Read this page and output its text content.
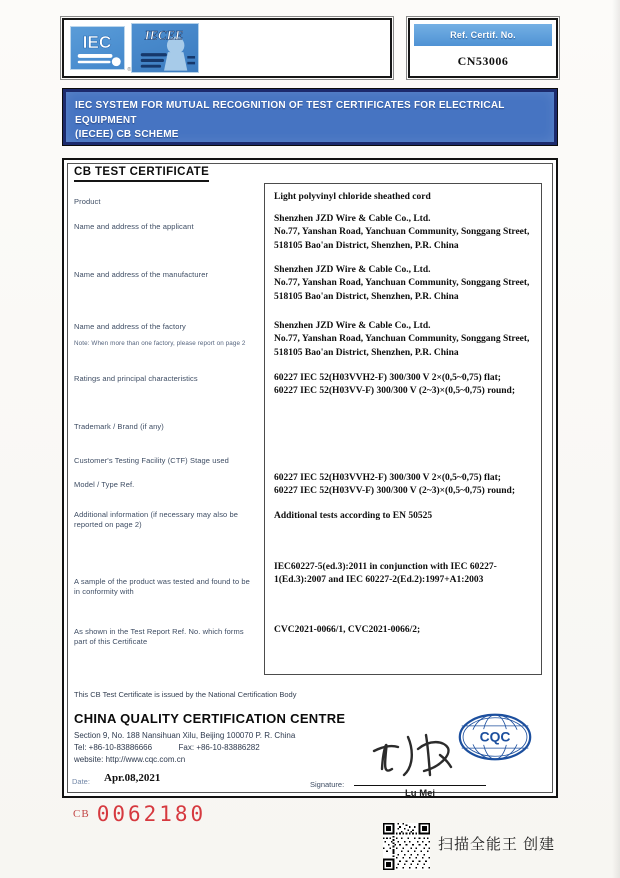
IEC
®
IECEE	Ref. Certif. No.
CN53006

IEC SYSTEM FOR MUTUAL RECOGNITION OF TEST CERTIFICATES FOR ELECTRICAL EQUIPMENT

(IECEE) CB SCHEME

CB TEST CERTIFICATE
Product
Name and address of the applicant
Name and address of the manufacturer
Name and address of the factory
Note: When more than one factory, please report on page 2
Ratings and principal characteristics
Trademark / Brand (if any)
Customer's Testing Facility (CTF) Stage used
Model / Type Ref.
Additional information (if necessary may also be reported on page 2)
A sample of the product was tested and found to be in conformity with
As shown in the Test Report Ref. No. which forms part of this Certificate
Light polyvinyl chloride sheathed cord
Shenzhen JZD Wire & Cable Co., Ltd.
No.77, Yanshan Road, Yanchuan Community, Songgang Street, 518105 Bao'an District, Shenzhen, P.R. China
Shenzhen JZD Wire & Cable Co., Ltd.
No.77, Yanshan Road, Yanchuan Community, Songgang Street, 518105 Bao'an District, Shenzhen, P.R. China
Shenzhen JZD Wire & Cable Co., Ltd.
No.77, Yanshan Road, Yanchuan Community, Songgang Street, 518105 Bao'an District, Shenzhen, P.R. China
60227 IEC 52(H03VVH2-F) 300/300 V 2×(0,5~0,75) flat;
60227 IEC 52(H03VV-F) 300/300 V (2~3)×(0,5~0,75) round;
60227 IEC 52(H03VVH2-F) 300/300 V 2×(0,5~0,75) flat;
60227 IEC 52(H03VV-F) 300/300 V (2~3)×(0,5~0,75) round;
Additional tests according to EN 50525
IEC60227-5(ed.3):2011 in conjunction with IEC 60227-1(Ed.3):2007 and IEC 60227-2(Ed.2):1997+A1:2003
CVC2021-0066/1, CVC2021-0066/2;
This CB Test Certificate is issued by the National Certification Body
CHINA QUALITY CERTIFICATION CENTRE
Section 9, No. 188 Nansihuan Xilu, Beijing 100070 P. R. China
Tel: +86-10-83886666	Fax: +86-10-83886282
website: http://www.cqc.com.cn
CQC
Date: Apr.08,2021
Signature:
Lu Mei
CB 0062180
扫描全能王 创建
